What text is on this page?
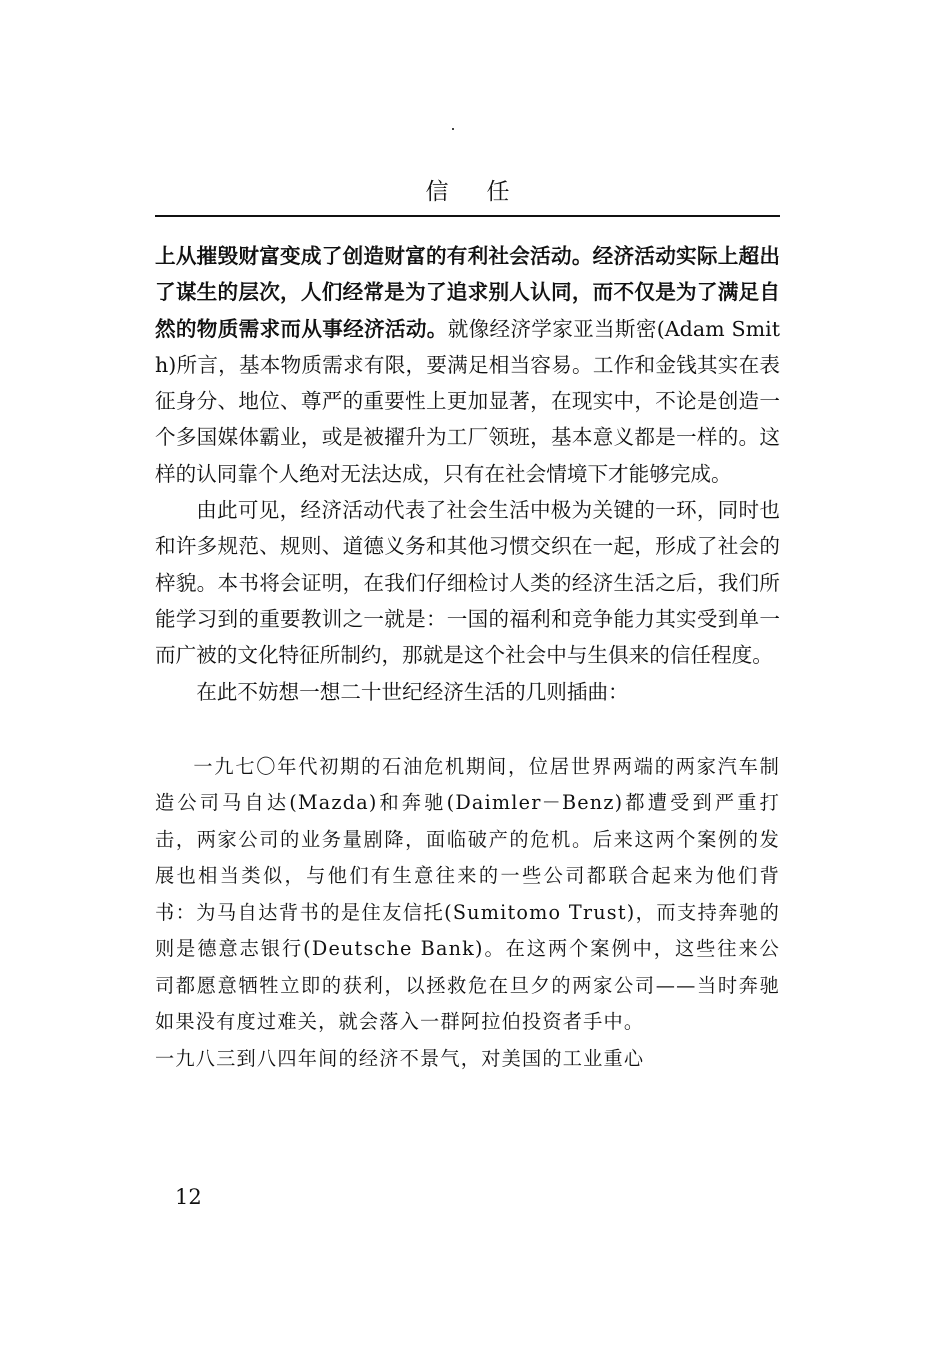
信任

上从摧毁财富变成了创造财富的有利社会活动。经济活动实际上超出了谋生的层次，人们经常是为了追求别人认同，而不仅是为了满足自然的物质需求而从事经济活动。就像经济学家亚当斯密(Adam Smith)所言，基本物质需求有限，要满足相当容易。工作和金钱其实在表征身分、地位、尊严的重要性上更加显著，在现实中，不论是创造一个多国媒体霸业，或是被擢升为工厂领班，基本意义都是一样的。这样的认同靠个人绝对无法达成，只有在社会情境下才能够完成。

由此可见，经济活动代表了社会生活中极为关键的一环，同时也和许多规范、规则、道德义务和其他习惯交织在一起，形成了社会的梓貌。本书将会证明，在我们仔细检讨人类的经济生活之后，我们所能学习到的重要教训之一就是：一国的福利和竞争能力其实受到单一而广被的文化特征所制约，那就是这个社会中与生俱来的信任程度。

在此不妨想一想二十世纪经济生活的几则插曲：

一九七〇年代初期的石油危机期间，位居世界两端的两家汽车制造公司马自达(Mazda)和奔驰(Daimler－Benz)都遭受到严重打击，两家公司的业务量剧降，面临破产的危机。后来这两个案例的发展也相当类似，与他们有生意往来的一些公司都联合起来为他们背书：为马自达背书的是住友信托(Sumitomo Trust)，而支持奔驰的则是德意志银行(Deutsche Bank)。在这两个案例中，这些往来公司都愿意牺牲立即的获利，以拯救危在旦夕的两家公司——当时奔驰如果没有度过难关，就会落入一群阿拉伯投资者手中。

一九八三到八四年间的经济不景气，对美国的工业重心

12
